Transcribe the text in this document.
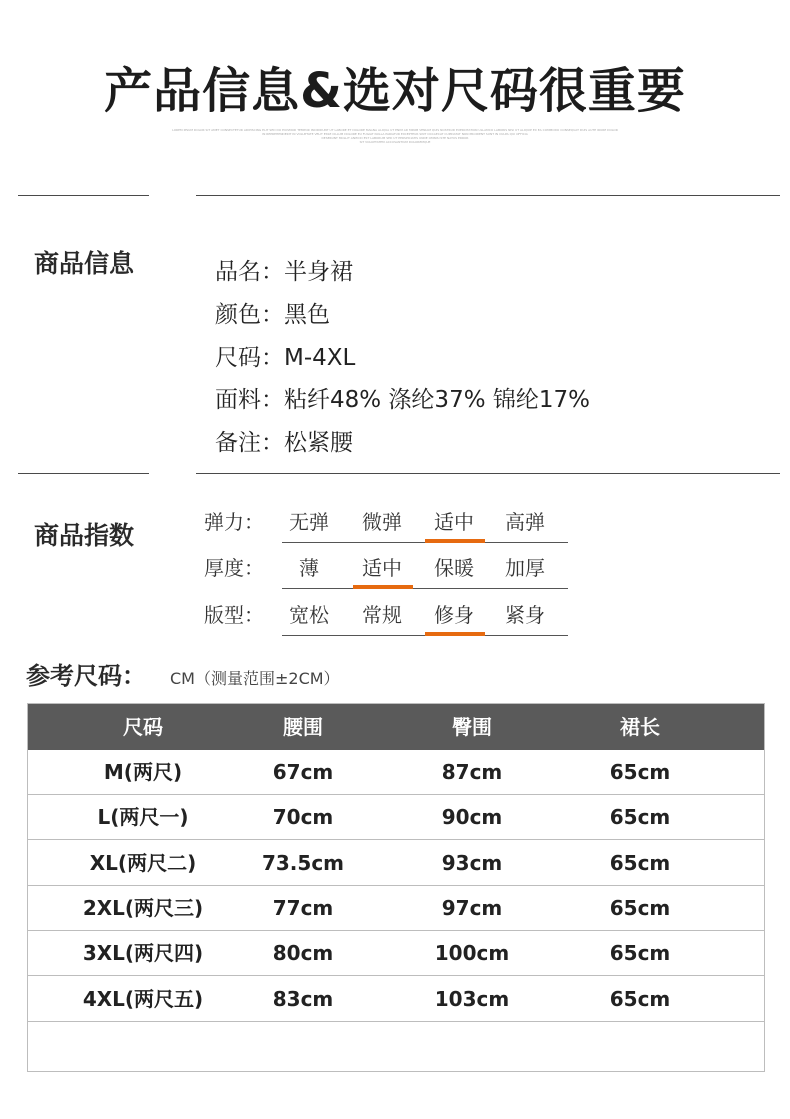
产品信息&选对尺码很重要
LOREM IPSUM DOLOR SIT AMET CONSECTETUR ADIPISCING ELIT SED DO EIUSMOD TEMPOR INCIDIDUNT UT LABORE ET DOLORE MAGNA ALIQUA UT ENIM AD MINIM VENIAM QUIS NOSTRUD EXERCITATION ULLAMCO LABORIS NISI UT ALIQUIP EX EA COMMODO CONSEQUAT DUIS AUTE IRURE DOLOR
IN REPREHENDERIT IN VOLUPTATE VELIT ESSE CILLUM DOLORE EU FUGIAT NULLA PARIATUR EXCEPTEUR SINT OCCAECAT CUPIDATAT NON PROIDENT SUNT IN CULPA QUI OFFICIA
DESERUNT MOLLIT ANIM ID EST LABORUM SED UT PERSPICIATIS UNDE OMNIS ISTE NATUS ERROR
SIT VOLUPTATEM ACCUSANTIUM DOLOREMQUE
商品信息	品名：半身裙
颜色：黑色
尺码：M-4XL
面料：粘纤48% 涤纶37% 锦纶17%
备注：松紧腰
商品指数	弹力：	无弹	微弹	适中	高弹
厚度：	薄	适中	保暖	加厚
版型：	宽松	常规	修身	紧身
参考尺码： CM（测量范围±2CM）
尺码	腰围	臀围	裙长
M(两尺)	67cm	87cm	65cm
L(两尺一)	70cm	90cm	65cm
XL(两尺二)	73.5cm	93cm	65cm
2XL(两尺三)	77cm	97cm	65cm
3XL(两尺四)	80cm	100cm	65cm
4XL(两尺五)	83cm	103cm	65cm
